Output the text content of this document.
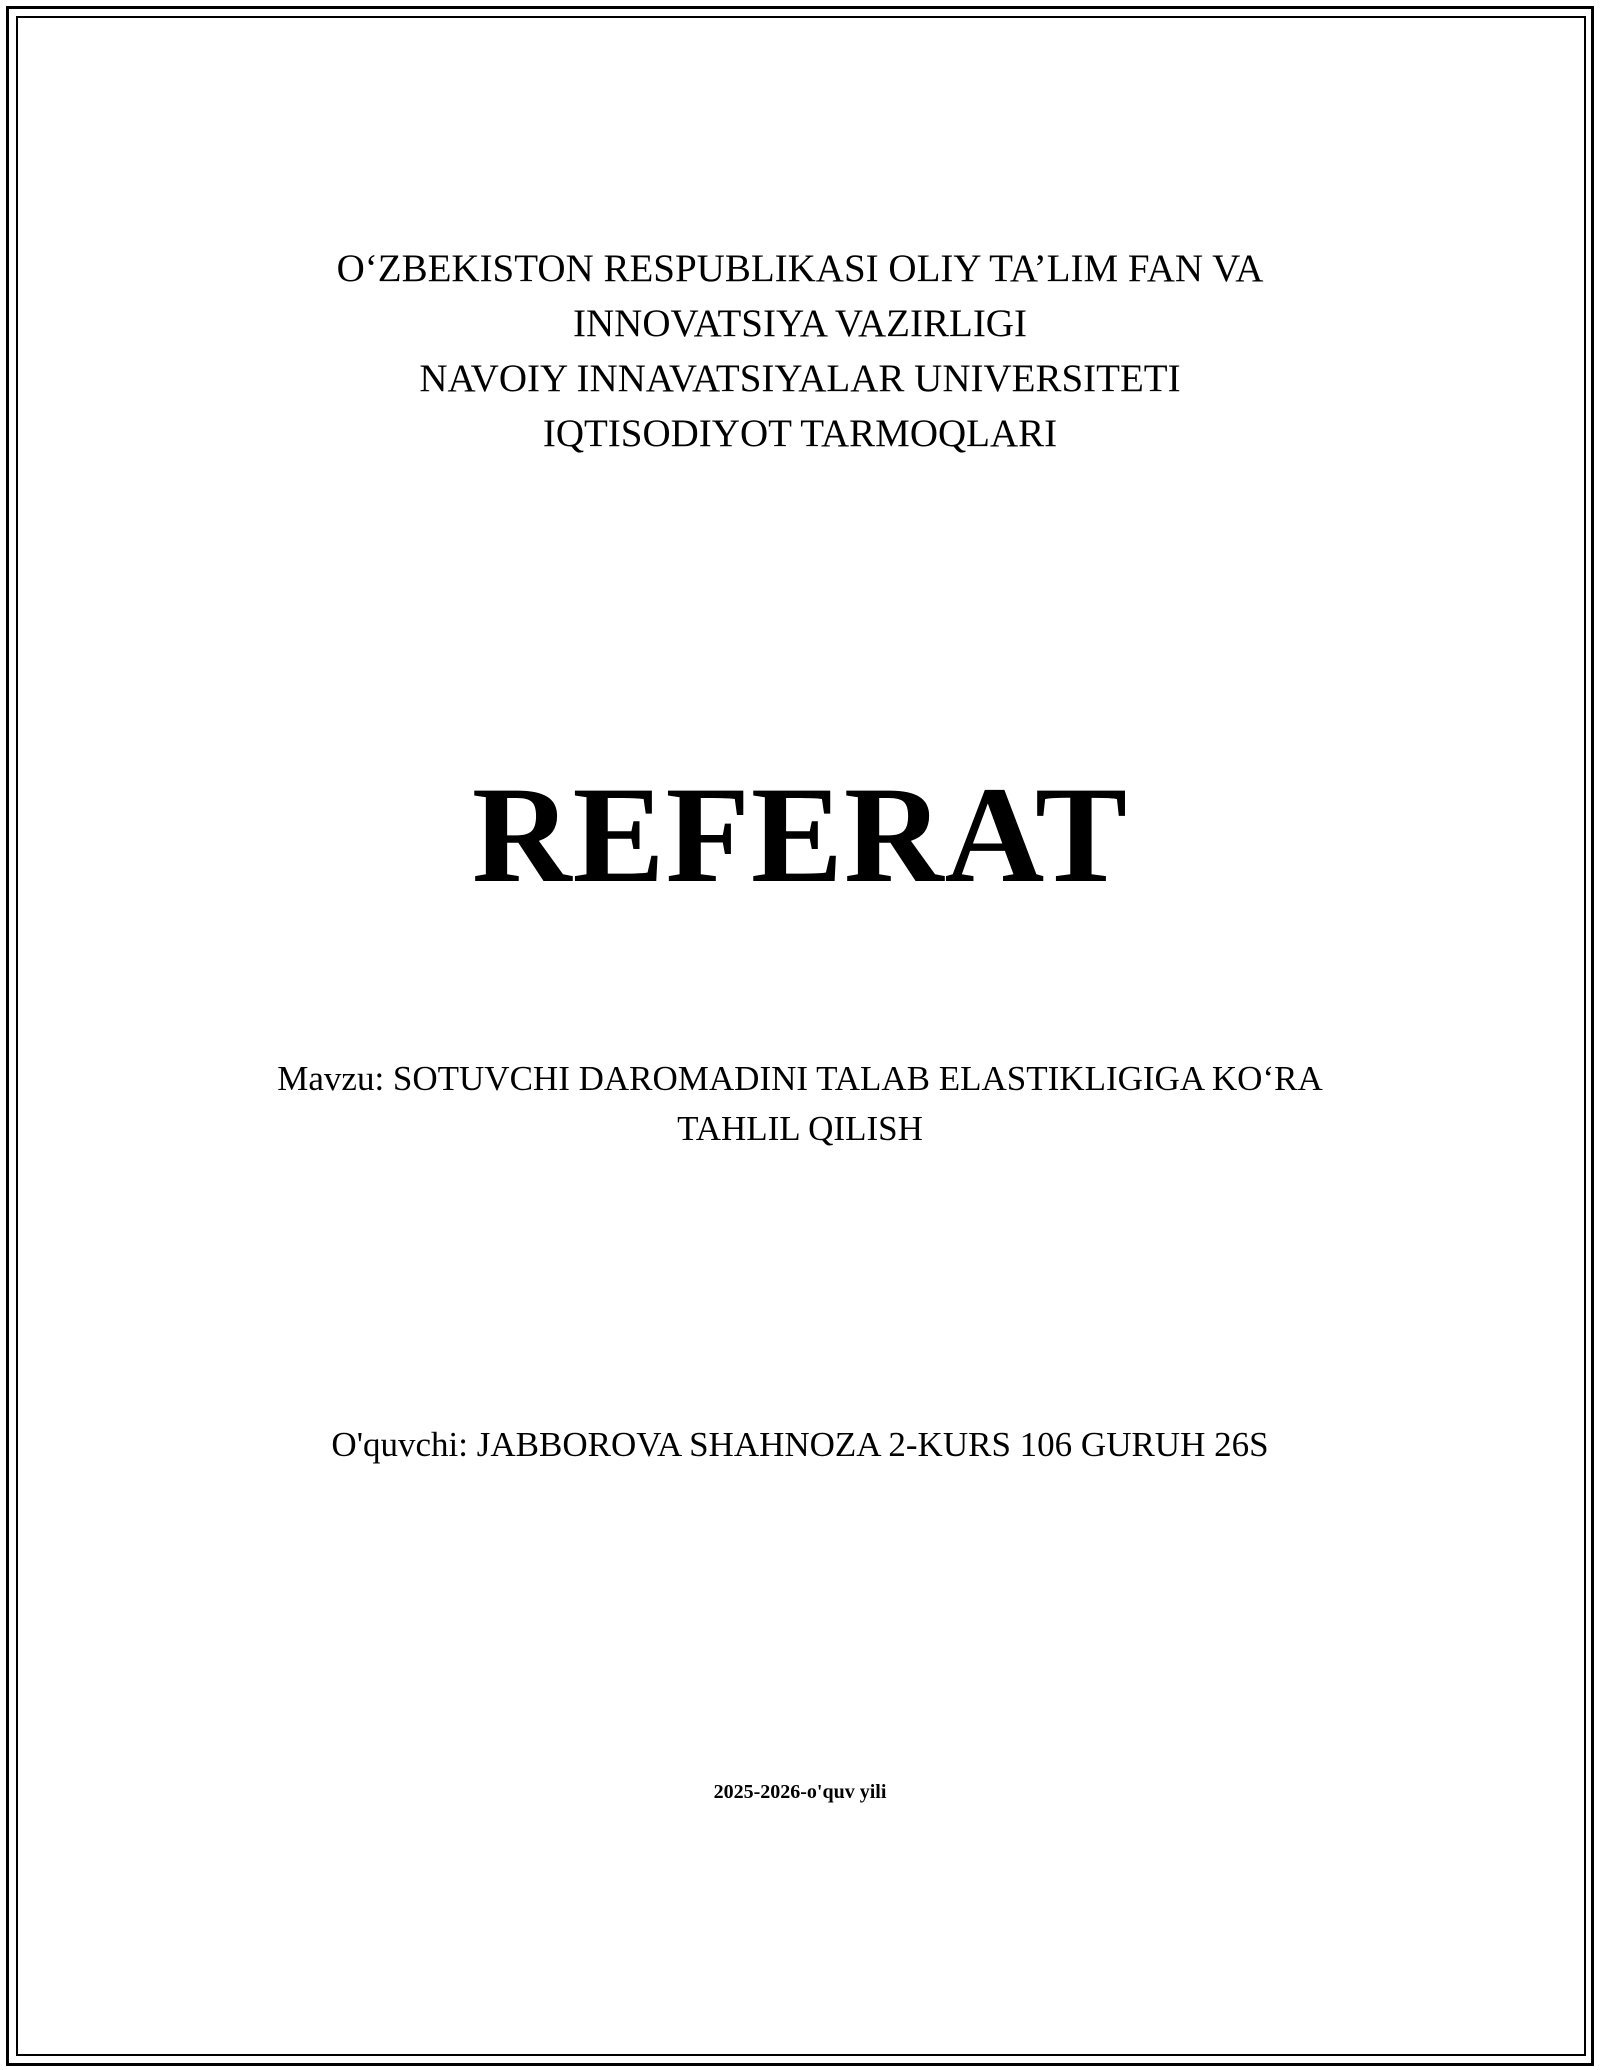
O‘ZBEKISTON RESPUBLIKASI OLIY TA’LIM FAN VA
INNOVATSIYA VAZIRLIGI
NAVOIY INNAVATSIYALAR UNIVERSITETI
IQTISODIYOT TARMOQLARI
REFERAT
Mavzu: SOTUVCHI DAROMADINI TALAB ELASTIKLIGIGA KO‘RA
TAHLIL QILISH
O'quvchi: JABBOROVA SHAHNOZA 2-KURS 106 GURUH 26S
2025-2026-o'quv yili
